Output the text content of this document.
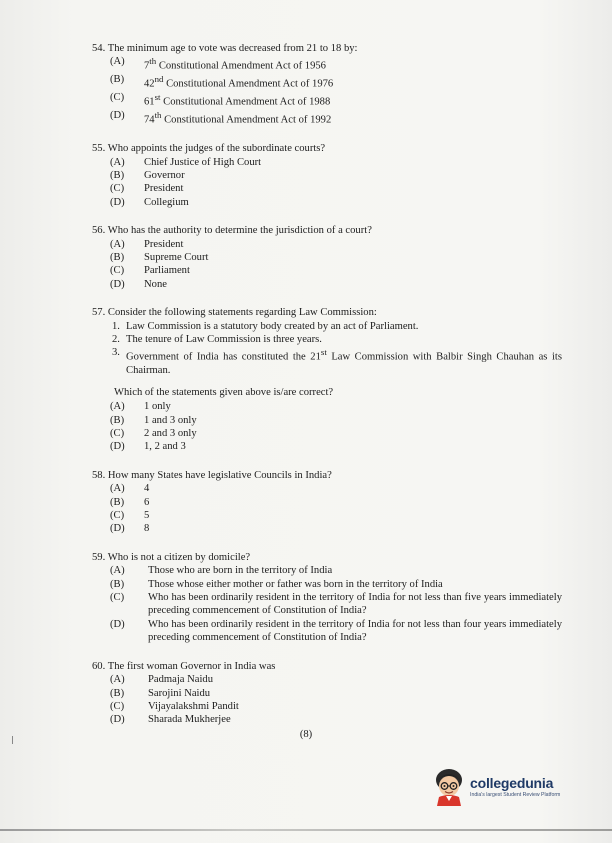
54. The minimum age to vote was decreased from 21 to 18 by:

(A)	7th Constitutional Amendment Act of 1956
(B)	42nd Constitutional Amendment Act of 1976
(C)	61st Constitutional Amendment Act of 1988
(D)	74th Constitutional Amendment Act of 1992

55. Who appoints the judges of the subordinate courts?

(A)	Chief Justice of High Court
(B)	Governor
(C)	President
(D)	Collegium

56. Who has the authority to determine the jurisdiction of a court?

(A)	President
(B)	Supreme Court
(C)	Parliament
(D)	None

57. Consider the following statements regarding Law Commission:

1. Law Commission is a statutory body created by an act of Parliament.
2. The tenure of Law Commission is three years.
3. Government of India has constituted the 21st Law Commission with Balbir Singh Chauhan as its Chairman.

Which of the statements given above is/are correct?

(A)	1 only
(B)	1 and 3 only
(C)	2 and 3 only
(D)	1, 2 and 3

58. How many States have legislative Councils in India?

(A)	4
(B)	6
(C)	5
(D)	8

59. Who is not a citizen by domicile?

(A)	Those who are born in the territory of India
(B)	Those whose either mother or father was born in the territory of India
(C)	Who has been ordinarily resident in the territory of India for not less than five years immediately preceding commencement of Constitution of India?
(D)	Who has been ordinarily resident in the territory of India for not less than four years immediately preceding commencement of Constitution of India?

60. The first woman Governor in India was

(A)	Padmaja Naidu
(B)	Sarojini Naidu
(C)	Vijayalakshmi Pandit
(D)	Sharada Mukherjee
(8)
collegedunia
India's largest Student Review Platform
